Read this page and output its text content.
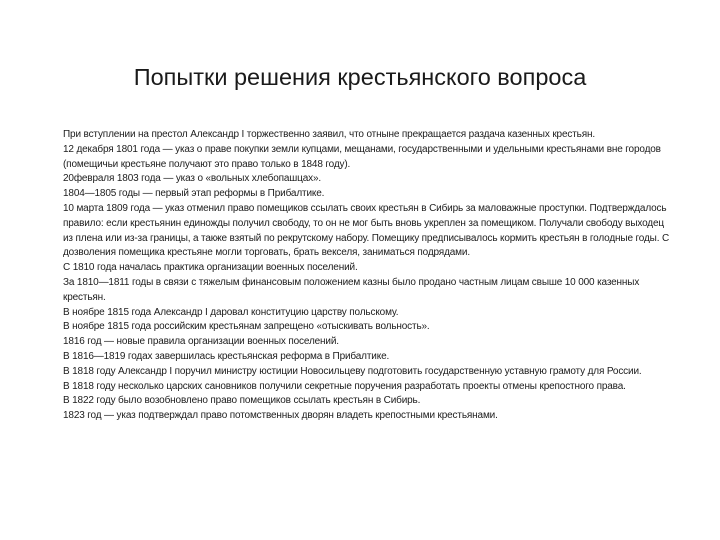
Попытки решения крестьянского вопроса
При вступлении на престол Александр I торжественно заявил, что отныне прекращается раздача казенных крестьян.
12 декабря 1801 года — указ о праве покупки земли купцами, мещанами, государственными и удельными крестьянами вне городов (помещичьи крестьяне получают это право только в 1848 году).
20февраля 1803 года — указ о «вольных хлебопашцах».
1804—1805 годы — первый этап реформы в Прибалтике.
10 марта 1809 года — указ отменил право помещиков ссылать своих крестьян в Сибирь за маловажные проступки. Подтверждалось правило: если крестьянин единожды получил свободу, то он не мог быть вновь укреплен за помещиком. Получали свободу выходец из плена или из-за границы, а также взятый по рекрутскому набору. Помещику предписывалось кормить крестьян в голодные годы. С дозволения помещика крестьяне могли торговать, брать векселя, заниматься подрядами.
С 1810 года началась практика организации военных поселений.
За 1810—1811 годы в связи с тяжелым финансовым положением казны было продано частным лицам свыше 10 000 казенных крестьян.
В ноябре 1815 года Александр I даровал конституцию царству польскому.
В ноябре 1815 года российским крестьянам запрещено «отыскивать вольность».
1816 год — новые правила организации военных поселений.
В 1816—1819 годах завершилась крестьянская реформа в Прибалтике.
В 1818 году Александр I поручил министру юстиции Новосильцеву подготовить государственную уставную грамоту для России.
В 1818 году несколько царских сановников получили секретные поручения разработать проекты отмены крепостного права.
В 1822 году было возобновлено право помещиков ссылать крестьян в Сибирь.
1823 год — указ подтверждал право потомственных дворян владеть крепостными крестьянами.
